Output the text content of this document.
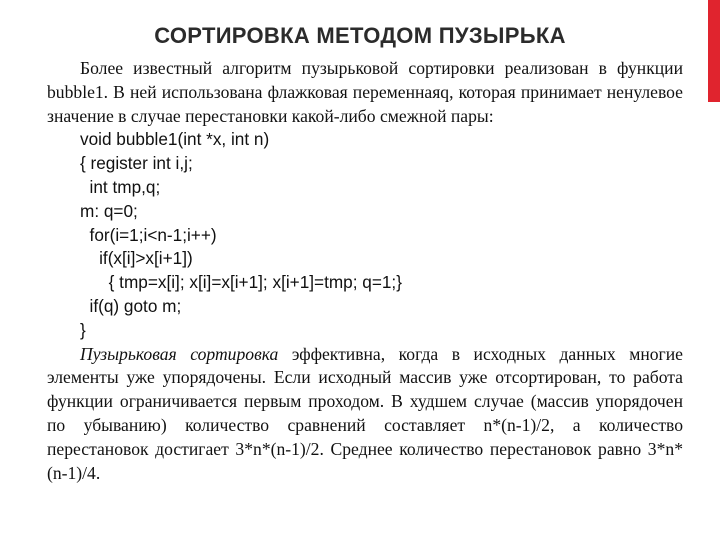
СОРТИРОВКА МЕТОДОМ ПУЗЫРЬКА

Более известный алгоритм пузырьковой сортировки реализован в функции bubble1. В ней использована флажковая переменнаяq, которая принимает ненулевое значение в случае перестановки какой-либо смежной пары:

void bubble1(int *x, int n)
{ register int i,j;
int tmp,q;
m: q=0;
for(i=1;i<n-1;i++)
if(x[i]>x[i+1])
{ tmp=x[i]; x[i]=x[i+1]; x[i+1]=tmp; q=1;}
if(q) goto m;
}

Пузырьковая сортировка эффективна, когда в исходных данных многие элементы уже упорядочены. Если исходный массив уже отсортирован, то работа функции ограничивается первым проходом. В худшем случае (массив упорядочен по убыванию) количество сравнений составляет n*(n-1)/2, а количество перестановок достигает 3*n*(n-1)/2. Среднее количество перестановок равно 3*n*(n-1)/4.
